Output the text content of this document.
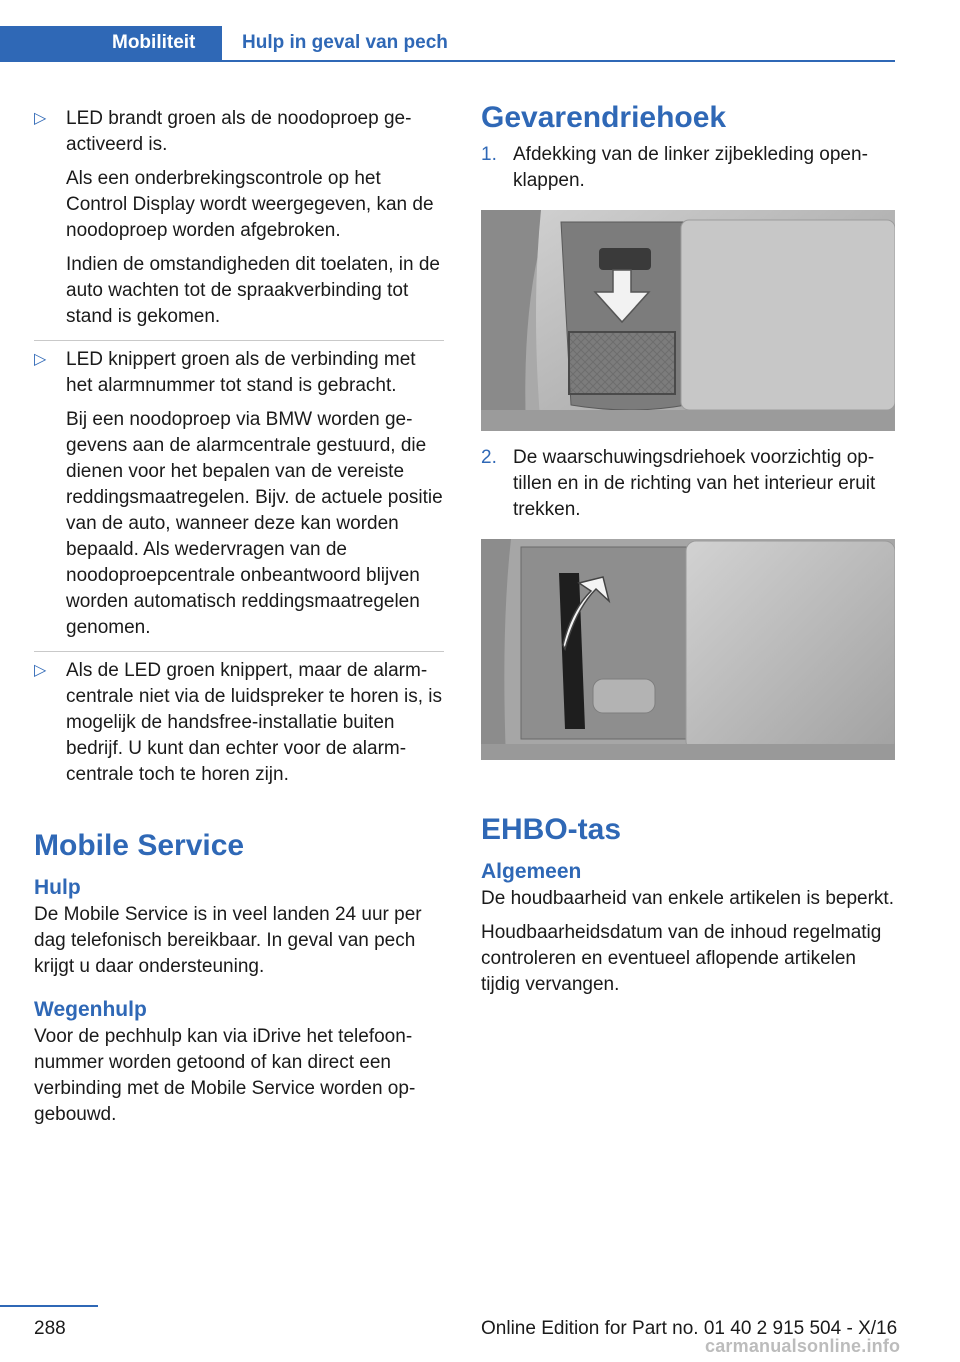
Mobiliteit Hulp in geval van pech
▷ LED brandt groen als de noodoproep geactiveerd is.

Als een onderbrekingscontrole op het Control Display wordt weergegeven, kan de noodoproep worden afgebroken.

Indien de omstandigheden dit toelaten, in de auto wachten tot de spraakverbinding tot stand is gekomen.

▷ LED knippert groen als de verbinding met het alarmnummer tot stand is gebracht.

Bij een noodoproep via BMW worden gegevens aan de alarmcentrale gestuurd, die dienen voor het bepalen van de vereiste reddingsmaatregelen. Bijv. de actuele positie van de auto, wanneer deze kan worden bepaald. Als wedervragen van de noodoproepcentrale onbeantwoord blijven worden automatisch reddingsmaatregelen genomen.

▷ Als de LED groen knippert, maar de alarmcentrale niet via de luidspreker te horen is, is mogelijk de handsfree-installatie buiten bedrijf. U kunt dan echter voor de alarmcentrale toch te horen zijn.

Mobile Service
Hulp

De Mobile Service is in veel landen 24 uur per dag telefonisch bereikbaar. In geval van pech krijgt u daar ondersteuning.

Wegenhulp

Voor de pechhulp kan via iDrive het telefoonnummer worden getoond of kan direct een verbinding met de Mobile Service worden opgebouwd.

Gevarendriehoek
1. Afdekking van de linker zijbekleding openklappen.

2. De waarschuwingsdriehoek voorzichtig optillen en in de richting van het interieur eruit trekken.

EHBO-tas
Algemeen

De houdbaarheid van enkele artikelen is beperkt.

Houdbaarheidsdatum van de inhoud regelmatig controleren en eventueel aflopende artikelen tijdig vervangen.

288	Online Edition for Part no. 01 40 2 915 504 - X/16
carmanualsonline.info
